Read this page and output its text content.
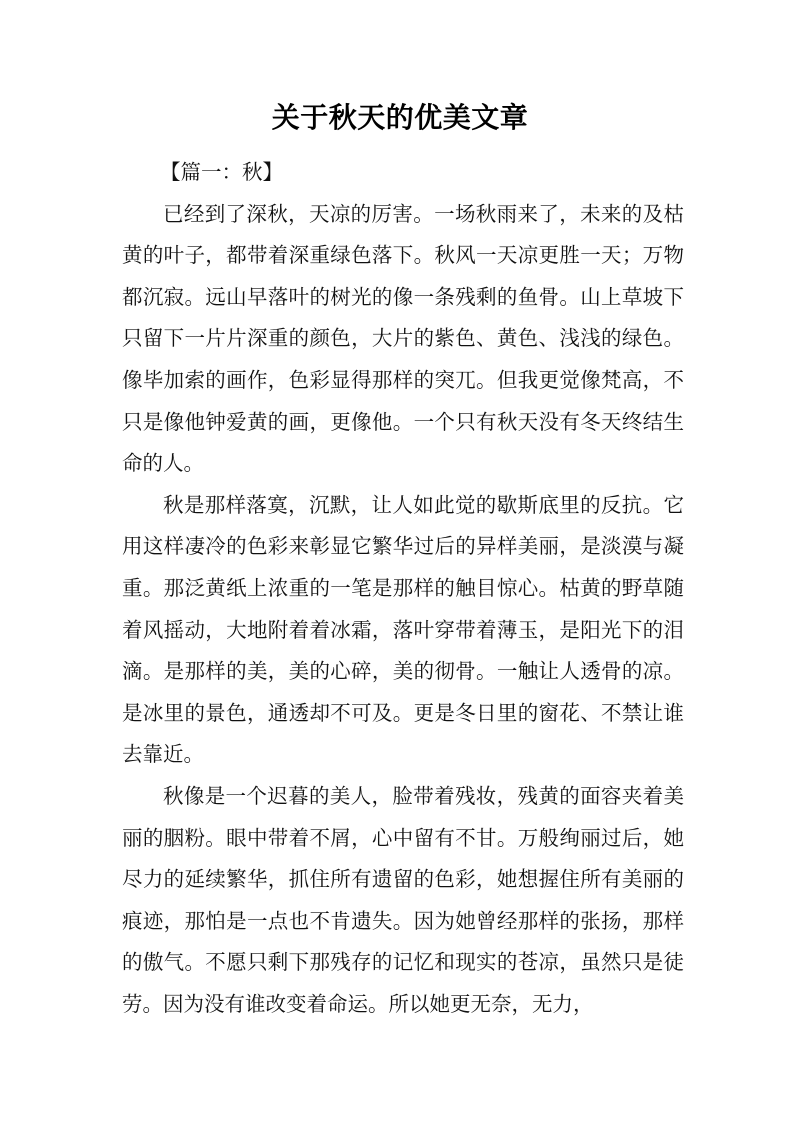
关于秋天的优美文章

【篇一：秋】

已经到了深秋，天凉的厉害。一场秋雨来了，未来的及枯黄的叶子，都带着深重绿色落下。秋风一天凉更胜一天；万物都沉寂。远山早落叶的树光的像一条残剩的鱼骨。山上草坡下只留下一片片深重的颜色，大片的紫色、黄色、浅浅的绿色。像毕加索的画作，色彩显得那样的突兀。但我更觉像梵高，不只是像他钟爱黄的画，更像他。一个只有秋天没有冬天终结生命的人。

秋是那样落寞，沉默，让人如此觉的歇斯底里的反抗。它用这样凄冷的色彩来彰显它繁华过后的异样美丽，是淡漠与凝重。那泛黄纸上浓重的一笔是那样的触目惊心。枯黄的野草随着风摇动，大地附着着冰霜，落叶穿带着薄玉，是阳光下的泪滴。是那样的美，美的心碎，美的彻骨。一触让人透骨的凉。是冰里的景色，通透却不可及。更是冬日里的窗花、不禁让谁去靠近。

秋像是一个迟暮的美人，脸带着残妆，残黄的面容夹着美丽的胭粉。眼中带着不屑，心中留有不甘。万般绚丽过后，她尽力的延续繁华，抓住所有遗留的色彩，她想握住所有美丽的痕迹，那怕是一点也不肯遗失。因为她曾经那样的张扬，那样的傲气。不愿只剩下那残存的记忆和现实的苍凉，虽然只是徒劳。因为没有谁改变着命运。所以她更无奈，无力，
